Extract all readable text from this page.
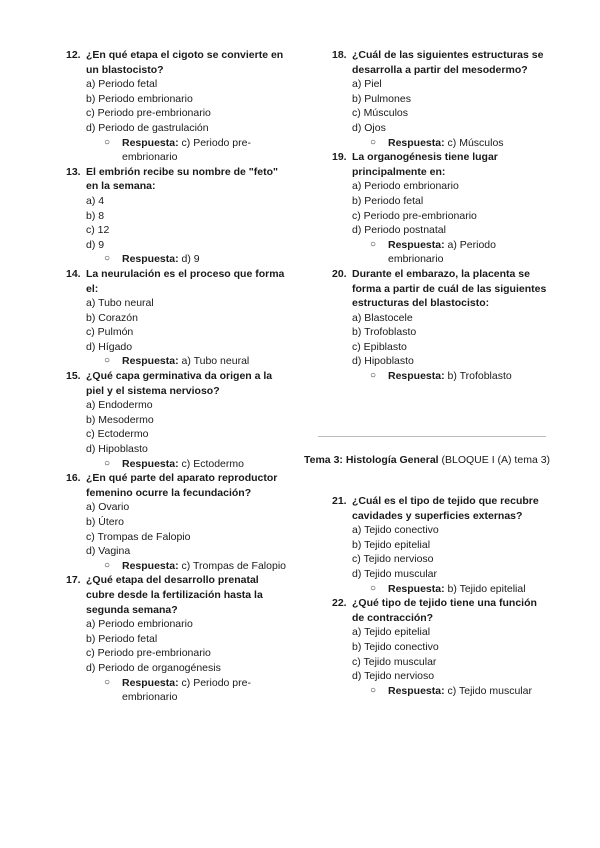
12. ¿En qué etapa el cigoto se convierte en un blastocisto?
a) Periodo fetal
b) Periodo embrionario
c) Periodo pre-embrionario
d) Periodo de gastrulación
○ Respuesta: c) Periodo pre-embrionario
13. El embrión recibe su nombre de "feto" en la semana:
a) 4
b) 8
c) 12
d) 9
○ Respuesta: d) 9
14. La neurulación es el proceso que forma el:
a) Tubo neural
b) Corazón
c) Pulmón
d) Hígado
○ Respuesta: a) Tubo neural
15. ¿Qué capa germinativa da origen a la piel y el sistema nervioso?
a) Endodermo
b) Mesodermo
c) Ectodermo
d) Hipoblasto
○ Respuesta: c) Ectodermo
16. ¿En qué parte del aparato reproductor femenino ocurre la fecundación?
a) Ovario
b) Útero
c) Trompas de Falopio
d) Vagina
○ Respuesta: c) Trompas de Falopio
17. ¿Qué etapa del desarrollo prenatal cubre desde la fertilización hasta la segunda semana?
a) Periodo embrionario
b) Periodo fetal
c) Periodo pre-embrionario
d) Periodo de organogénesis
○ Respuesta: c) Periodo pre-embrionario
18. ¿Cuál de las siguientes estructuras se desarrolla a partir del mesodermo?
a) Piel
b) Pulmones
c) Músculos
d) Ojos
○ Respuesta: c) Músculos
19. La organogénesis tiene lugar principalmente en:
a) Periodo embrionario
b) Periodo fetal
c) Periodo pre-embrionario
d) Periodo postnatal
○ Respuesta: a) Periodo embrionario
20. Durante el embarazo, la placenta se forma a partir de cuál de las siguientes estructuras del blastocisto:
a) Blastocele
b) Trofoblasto
c) Epiblasto
d) Hipoblasto
○ Respuesta: b) Trofoblasto
Tema 3: Histología General (BLOQUE I (A) tema 3)
21. ¿Cuál es el tipo de tejido que recubre cavidades y superficies externas?
a) Tejido conectivo
b) Tejido epitelial
c) Tejido nervioso
d) Tejido muscular
○ Respuesta: b) Tejido epitelial
22. ¿Qué tipo de tejido tiene una función de contracción?
a) Tejido epitelial
b) Tejido conectivo
c) Tejido muscular
d) Tejido nervioso
○ Respuesta: c) Tejido muscular
